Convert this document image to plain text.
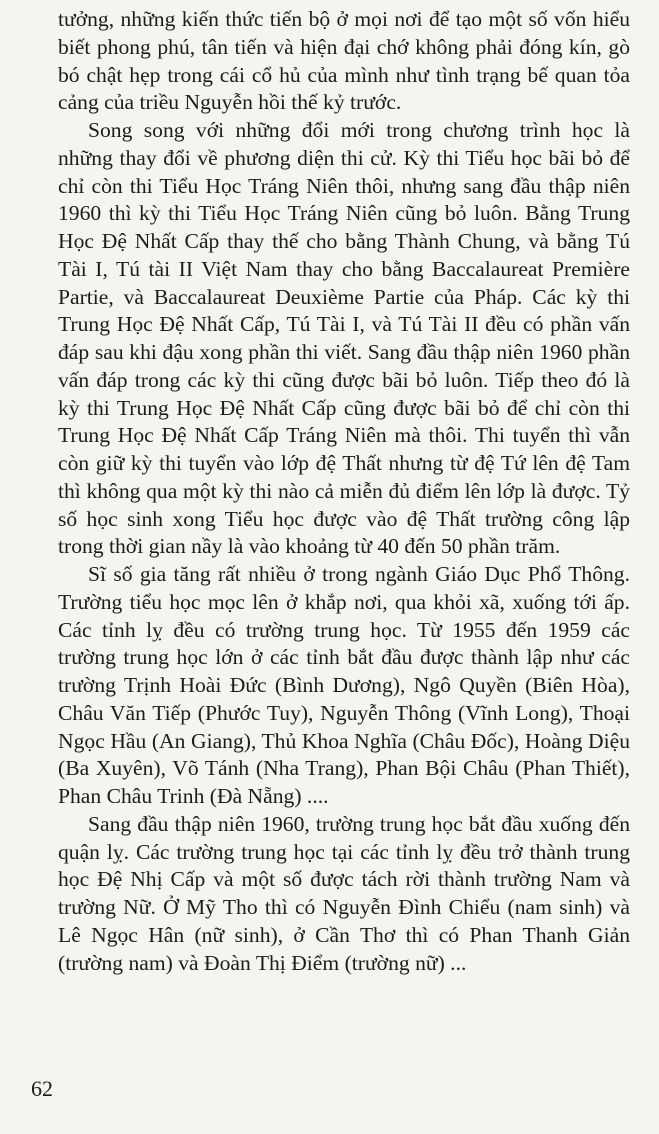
tưởng, những kiến thức tiến bộ ở mọi nơi để tạo một số vốn hiểu biết phong phú, tân tiến và hiện đại chớ không phải đóng kín, gò bó chật hẹp trong cái cổ hủ của mình như tình trạng bế quan tỏa cảng của triều Nguyễn hồi thế kỷ trước.

Song song với những đổi mới trong chương trình học là những thay đổi về phương diện thi cử. Kỳ thi Tiểu học bãi bỏ để chỉ còn thi Tiểu Học Tráng Niên thôi, nhưng sang đầu thập niên 1960 thì kỳ thi Tiểu Học Tráng Niên cũng bỏ luôn. Bằng Trung Học Đệ Nhất Cấp thay thế cho bằng Thành Chung, và bằng Tú Tài I, Tú tài II Việt Nam thay cho bằng Baccalaureat Première Partie, và Baccalaureat Deuxième Partie của Pháp. Các kỳ thi Trung Học Đệ Nhất Cấp, Tú Tài I, và Tú Tài II đều có phần vấn đáp sau khi đậu xong phần thi viết. Sang đầu thập niên 1960 phần vấn đáp trong các kỳ thi cũng được bãi bỏ luôn. Tiếp theo đó là kỳ thi Trung Học Đệ Nhất Cấp cũng được bãi bỏ để chỉ còn thi Trung Học Đệ Nhất Cấp Tráng Niên mà thôi. Thi tuyển thì vẫn còn giữ kỳ thi tuyển vào lớp đệ Thất nhưng từ đệ Tứ lên đệ Tam thì không qua một kỳ thi nào cả miễn đủ điểm lên lớp là được. Tỷ số học sinh xong Tiểu học được vào đệ Thất trường công lập trong thời gian nầy là vào khoảng từ 40 đến 50 phần trăm.

Sĩ số gia tăng rất nhiều ở trong ngành Giáo Dục Phổ Thông. Trường tiểu học mọc lên ở khắp nơi, qua khỏi xã, xuống tới ấp. Các tỉnh lỵ đều có trường trung học. Từ 1955 đến 1959 các trường trung học lớn ở các tỉnh bắt đầu được thành lập như các trường Trịnh Hoài Đức (Bình Dương), Ngô Quyền (Biên Hòa), Châu Văn Tiếp (Phước Tuy), Nguyễn Thông (Vĩnh Long), Thoại Ngọc Hầu (An Giang), Thủ Khoa Nghĩa (Châu Đốc), Hoàng Diệu (Ba Xuyên), Võ Tánh (Nha Trang), Phan Bội Châu (Phan Thiết), Phan Châu Trinh (Đà Nẵng) ....

Sang đầu thập niên 1960, trường trung học bắt đầu xuống đến quận lỵ. Các trường trung học tại các tỉnh lỵ đều trở thành trung học Đệ Nhị Cấp và một số được tách rời thành trường Nam và trường Nữ. Ở Mỹ Tho thì có Nguyễn Đình Chiểu (nam sinh) và Lê Ngọc Hân (nữ sinh), ở Cần Thơ thì có Phan Thanh Giản (trường nam) và Đoàn Thị Điểm (trường nữ) ...

62
